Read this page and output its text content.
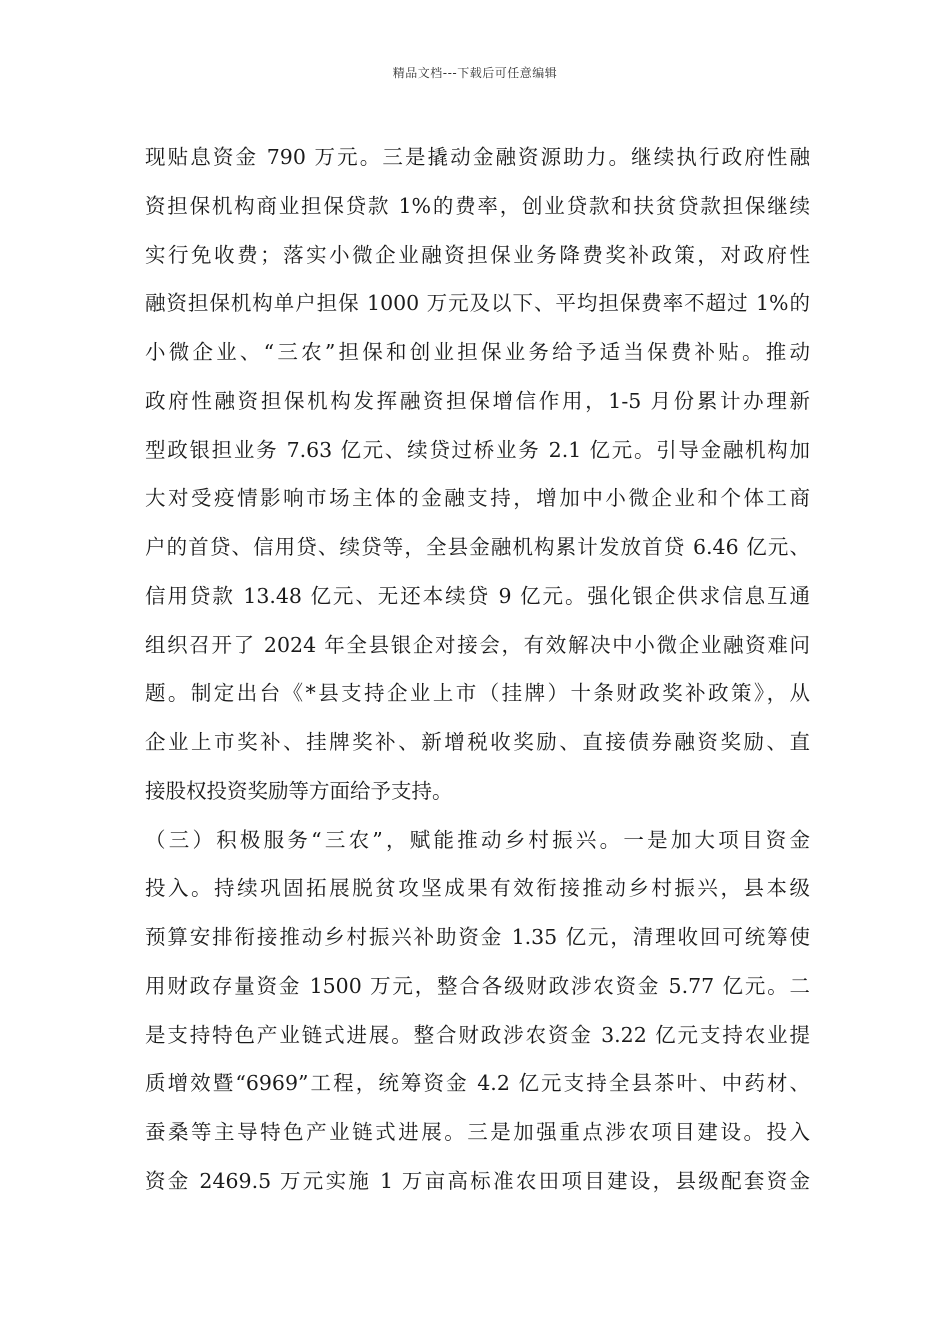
精品文档---下载后可任意编辑
现贴息资金 790 万元。三是撬动金融资源助力。继续执行政府性融
资担保机构商业担保贷款 1%的费率，创业贷款和扶贫贷款担保继续
实行免收费；落实小微企业融资担保业务降费奖补政策，对政府性
融资担保机构单户担保 1000 万元及以下、平均担保费率不超过 1%的
小微企业、“三农”担保和创业担保业务给予适当保费补贴。推动
政府性融资担保机构发挥融资担保增信作用，1-5 月份累计办理新
型政银担业务 7.63 亿元、续贷过桥业务 2.1 亿元。引导金融机构加
大对受疫情影响市场主体的金融支持，增加中小微企业和个体工商
户的首贷、信用贷、续贷等，全县金融机构累计发放首贷 6.46 亿元、
信用贷款 13.48 亿元、无还本续贷 9 亿元。强化银企供求信息互通
组织召开了 2024 年全县银企对接会，有效解决中小微企业融资难问
题。制定出台《*县支持企业上市（挂牌）十条财政奖补政策》，从
企业上市奖补、挂牌奖补、新增税收奖励、直接债券融资奖励、直
接股权投资奖励等方面给予支持。
（三）积极服务“三农”，赋能推动乡村振兴。一是加大项目资金
投入。持续巩固拓展脱贫攻坚成果有效衔接推动乡村振兴，县本级
预算安排衔接推动乡村振兴补助资金 1.35 亿元，清理收回可统筹使
用财政存量资金 1500 万元，整合各级财政涉农资金 5.77 亿元。二
是支持特色产业链式进展。整合财政涉农资金 3.22 亿元支持农业提
质增效暨“6969”工程，统筹资金 4.2 亿元支持全县茶叶、中药材、
蚕桑等主导特色产业链式进展。三是加强重点涉农项目建设。投入
资金 2469.5 万元实施 1 万亩高标准农田项目建设，县级配套资金
